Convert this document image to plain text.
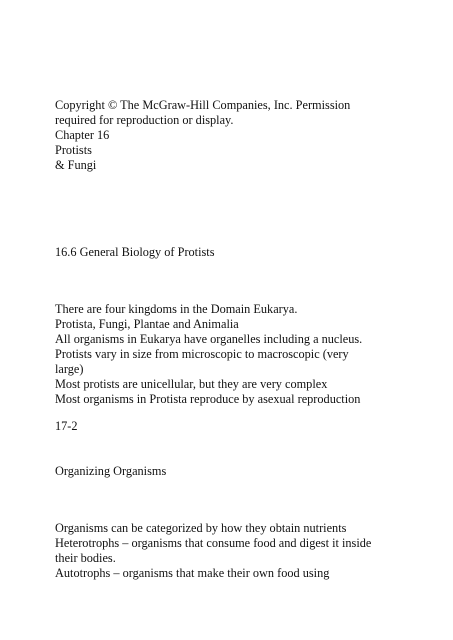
Copyright © The McGraw-Hill Companies, Inc. Permission

required for reproduction or display.

Chapter 16

Protists

& Fungi

16.6 General Biology of Protists

There are four kingdoms in the Domain Eukarya.

Protista, Fungi, Plantae and Animalia

All organisms in Eukarya have organelles including a nucleus.

Protists vary in size from microscopic to macroscopic (very

large)

Most protists are unicellular, but they are very complex

Most organisms in Protista reproduce by asexual reproduction

17-2

Organizing Organisms

Organisms can be categorized by how they obtain nutrients

Heterotrophs – organisms that consume food and digest it inside

their bodies.

Autotrophs – organisms that make their own food using
